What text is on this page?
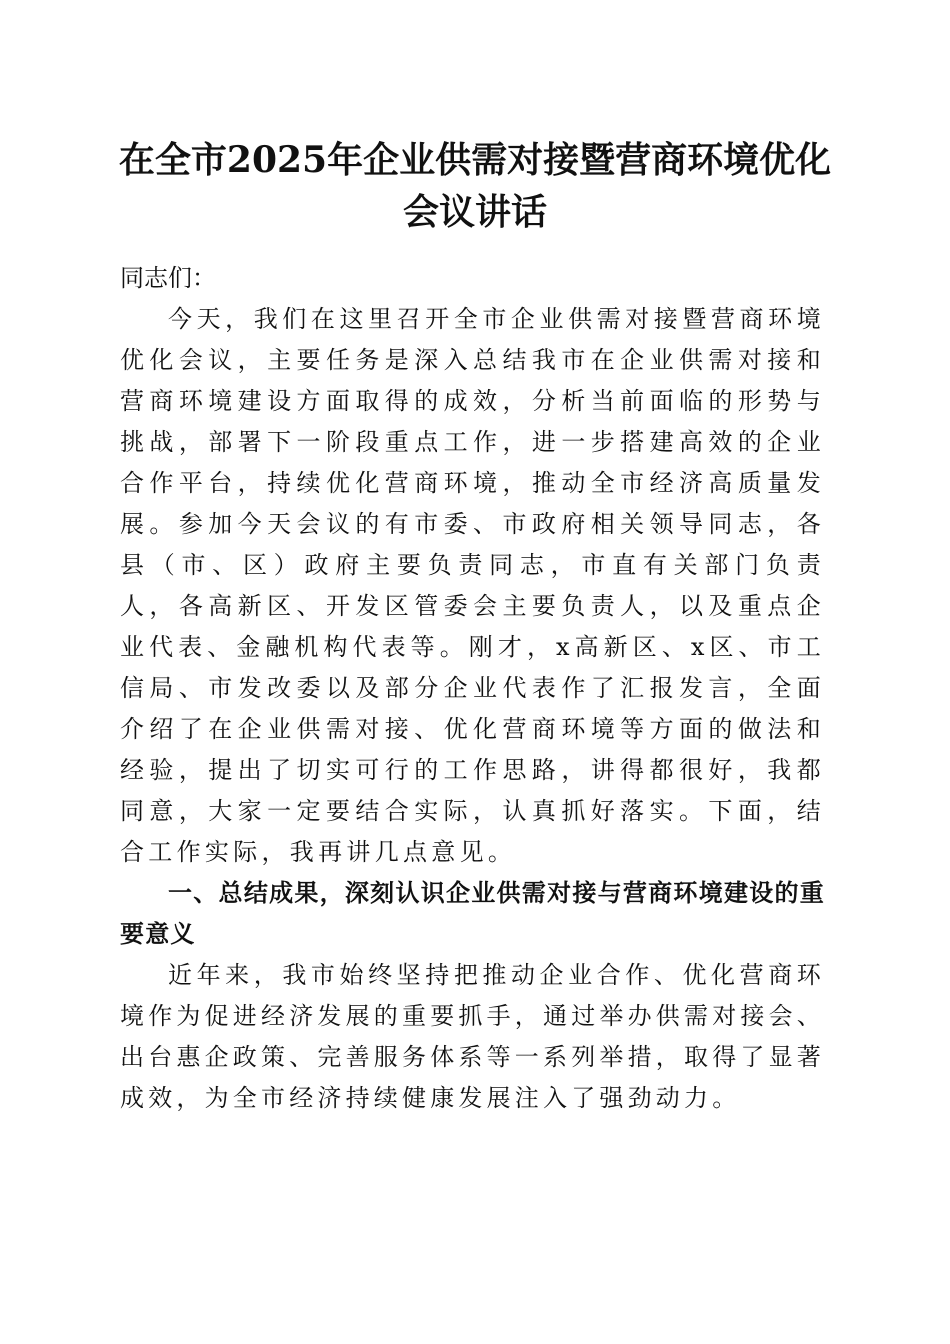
在全市2025年企业供需对接暨营商环境优化
会议讲话

同志们：

今天，我们在这里召开全市企业供需对接暨营商环境优化会议，主要任务是深入总结我市在企业供需对接和营商环境建设方面取得的成效，分析当前面临的形势与挑战，部署下一阶段重点工作，进一步搭建高效的企业合作平台，持续优化营商环境，推动全市经济高质量发展。参加今天会议的有市委、市政府相关领导同志，各县（市、区）政府主要负责同志，市直有关部门负责人，各高新区、开发区管委会主要负责人，以及重点企业代表、金融机构代表等。刚才，x高新区、x区、市工信局、市发改委以及部分企业代表作了汇报发言，全面介绍了在企业供需对接、优化营商环境等方面的做法和经验，提出了切实可行的工作思路，讲得都很好，我都同意，大家一定要结合实际，认真抓好落实。下面，结合工作实际，我再讲几点意见。

一、总结成果，深刻认识企业供需对接与营商环境建设的重要意义

近年来，我市始终坚持把推动企业合作、优化营商环境作为促进经济发展的重要抓手，通过举办供需对接会、出台惠企政策、完善服务体系等一系列举措，取得了显著成效，为全市经济持续健康发展注入了强劲动力。
